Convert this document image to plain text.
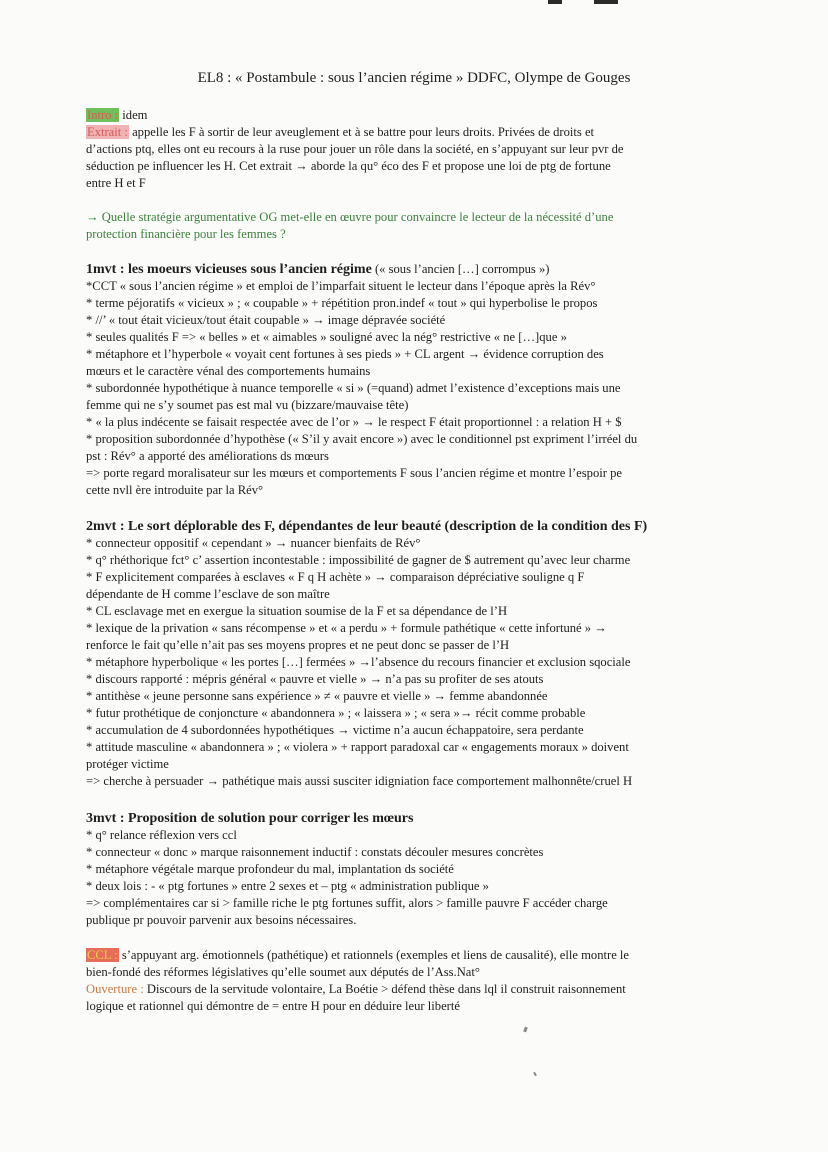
EL8 : « Postambule : sous l’ancien régime » DDFC, Olympe de Gouges

Intro : idem

Extrait : appelle les F à sortir de leur aveuglement et à se battre pour leurs droits. Privées de droits et

d’actions ptq, elles ont eu recours à la ruse pour jouer un rôle dans la société, en s’appuyant sur leur pvr de

séduction pe influencer les H. Cet extrait → aborde la qu° éco des F et propose une loi de ptg de fortune

entre H et F

→ Quelle stratégie argumentative OG met-elle en œuvre pour convaincre le lecteur de la nécessité d’une

protection financière pour les femmes ?

1mvt : les moeurs vicieuses sous l’ancien régime (« sous l’ancien […] corrompus »)

*CCT « sous l’ancien régime » et emploi de l’imparfait situent le lecteur dans l’époque après la Rév°

* terme péjoratifs « vicieux » ; « coupable » + répétition pron.indef « tout » qui hyperbolise le propos

* //’ « tout était vicieux/tout était coupable » → image dépravée société

* seules qualités F => « belles » et « aimables » souligné avec la nég° restrictive « ne […]que »

* métaphore et l’hyperbole « voyait cent fortunes à ses pieds » + CL argent → évidence corruption des

mœurs et le caractère vénal des comportements humains

* subordonnée hypothétique à nuance temporelle « si » (=quand) admet l’existence d’exceptions mais une

femme qui ne s’y soumet pas est mal vu (bizzare/mauvaise tête)

* « la plus indécente se faisait respectée avec de l’or » → le respect F était proportionnel : a relation H + $

* proposition subordonnée d’hypothèse (« S’il y avait encore ») avec le conditionnel pst expriment l’irréel du

pst : Rév° a apporté des améliorations ds mœurs

=> porte regard moralisateur sur les mœurs et comportements F sous l’ancien régime et montre l’espoir pe

cette nvll ère introduite par la Rév°

2mvt : Le sort déplorable des F, dépendantes de leur beauté (description de la condition des F)

* connecteur oppositif « cependant » → nuancer bienfaits de Rév°

* q° rhéthorique fct° c’ assertion incontestable : impossibilité de gagner de $ autrement qu’avec leur charme

* F explicitement comparées à esclaves « F q H achète » → comparaison dépréciative souligne q F

dépendante de H comme l’esclave de son maître

* CL esclavage met en exergue la situation soumise de la F et sa dépendance de l’H

* lexique de la privation « sans récompense » et « a perdu » + formule pathétique « cette infortuné » →

renforce le fait qu’elle n’ait pas ses moyens propres et ne peut donc se passer de l’H

* métaphore hyperbolique « les portes […] fermées » →l’absence du recours financier et exclusion sqociale

* discours rapporté : mépris général « pauvre et vielle » → n’a pas su profiter de ses atouts

* antithèse « jeune personne sans expérience » ≠ « pauvre et vielle » → femme abandonnée

* futur prothétique de conjoncture « abandonnera » ; « laissera » ; « sera »→ récit comme probable

* accumulation de 4 subordonnées hypothétiques → victime n’a aucun échappatoire, sera perdante

* attitude masculine « abandonnera » ; « violera » + rapport paradoxal car « engagements moraux » doivent

protéger victime

=> cherche à persuader → pathétique mais aussi susciter idigniation face comportement malhonnête/cruel H

3mvt : Proposition de solution pour corriger les mœurs

* q° relance réflexion vers ccl

* connecteur « donc » marque raisonnement inductif : constats découler mesures concrètes

* métaphore végétale marque profondeur du mal, implantation ds société

* deux lois : - « ptg fortunes » entre 2 sexes et – ptg « administration publique »

=> complémentaires car si > famille riche le ptg fortunes suffit, alors > famille pauvre F accéder charge

publique pr pouvoir parvenir aux besoins nécessaires.

CCL : s’appuyant arg. émotionnels (pathétique) et rationnels (exemples et liens de causalité), elle montre le

bien-fondé des réformes législatives qu’elle soumet aux députés de l’Ass.Nat°

Ouverture : Discours de la servitude volontaire, La Boétie > défend thèse dans lql il construit raisonnement

logique et rationnel qui démontre de = entre H pour en déduire leur liberté
